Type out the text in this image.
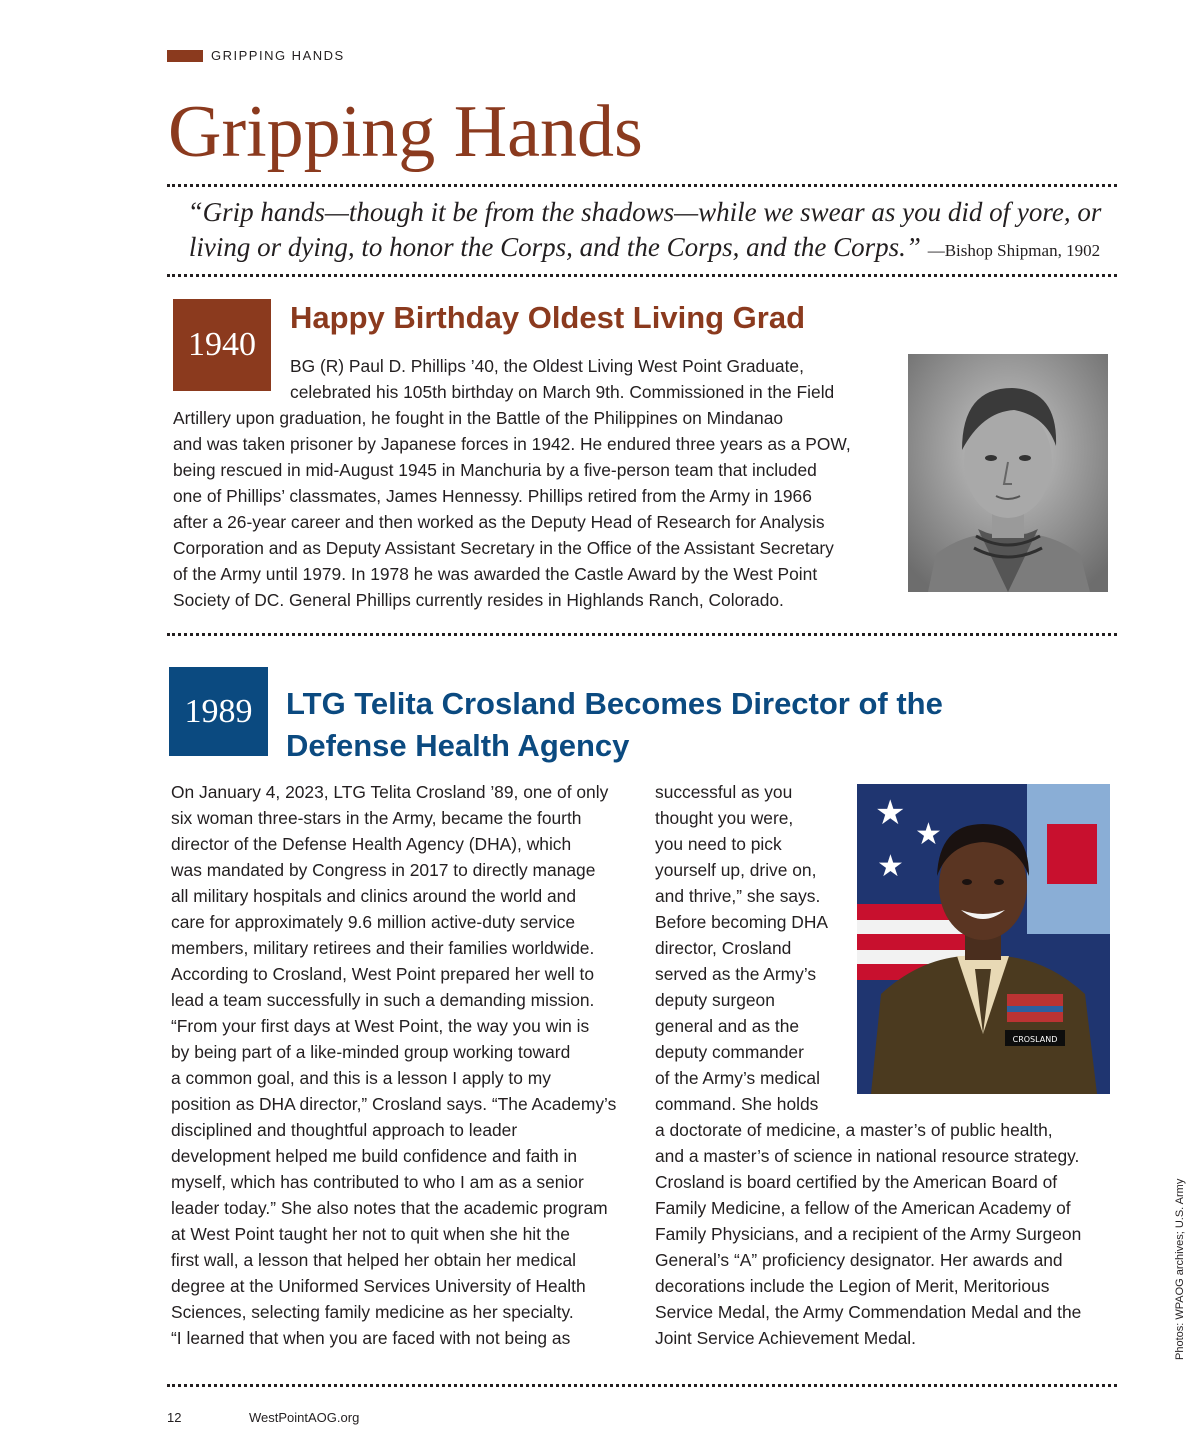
GRIPPING HANDS
Gripping Hands

“Grip hands—though it be from the shadows—while we swear as you did of yore, or living or dying, to honor the Corps, and the Corps, and the Corps.” —Bishop Shipman, 1902

1940
Happy Birthday Oldest Living Grad

BG (R) Paul D. Phillips ’40, the Oldest Living West Point Graduate,

celebrated his 105th birthday on March 9th. Commissioned in the Field

Artillery upon graduation, he fought in the Battle of the Philippines on Mindanao

and was taken prisoner by Japanese forces in 1942. He endured three years as a POW,

being rescued in mid-August 1945 in Manchuria by a five-person team that included

one of Phillips’ classmates, James Hennessy. Phillips retired from the Army in 1966

after a 26-year career and then worked as the Deputy Head of Research for Analysis

Corporation and as Deputy Assistant Secretary in the Office of the Assistant Secretary

of the Army until 1979. In 1978 he was awarded the Castle Award by the West Point

Society of DC. General Phillips currently resides in Highlands Ranch, Colorado.

1989	LTG Telita Crosland Becomes Director of the
Defense Health Agency

On January 4, 2023, LTG Telita Crosland ’89, one of only

six woman three-stars in the Army, became the fourth

director of the Defense Health Agency (DHA), which

was mandated by Congress in 2017 to directly manage

all military hospitals and clinics around the world and

care for approximately 9.6 million active-duty service

members, military retirees and their families worldwide.

According to Crosland, West Point prepared her well to

lead a team successfully in such a demanding mission.

“From your first days at West Point, the way you win is

by being part of a like-minded group working toward

a common goal, and this is a lesson I apply to my

position as DHA director,” Crosland says. “The Academy’s

disciplined and thoughtful approach to leader

development helped me build confidence and faith in

myself, which has contributed to who I am as a senior

leader today.” She also notes that the academic program

at West Point taught her not to quit when she hit the

first wall, a lesson that helped her obtain her medical

degree at the Uniformed Services University of Health

Sciences, selecting family medicine as her specialty.

“I learned that when you are faced with not being as

successful as you

thought you were,

you need to pick

yourself up, drive on,

and thrive,” she says.

Before becoming DHA

director, Crosland

served as the Army’s

deputy surgeon

general and as the

deputy commander

of the Army’s medical

command. She holds

a doctorate of medicine, a master’s of public health,

and a master’s of science in national resource strategy.

Crosland is board certified by the American Board of

Family Medicine, a fellow of the American Academy of

Family Physicians, and a recipient of the Army Surgeon

General’s “A” proficiency designator. Her awards and

decorations include the Legion of Merit, Meritorious

Service Medal, the Army Commendation Medal and the

Joint Service Achievement Medal.

★
★
★
CROSLAND
12	WestPointAOG.org
Photos: WPAOG archives; U.S. Army
